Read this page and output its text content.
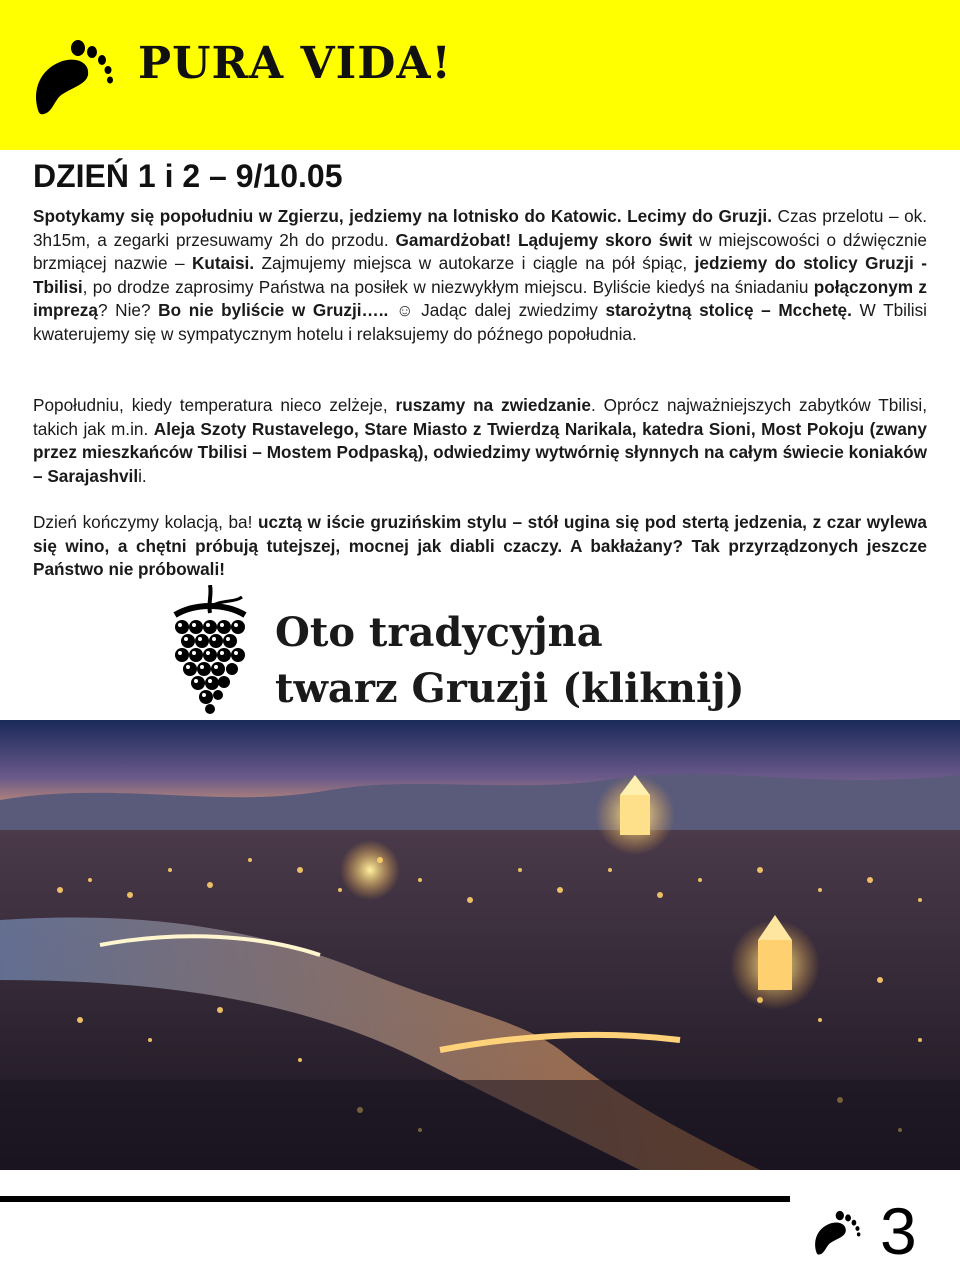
PURA VIDA!
DZIEŃ 1 i 2 – 9/10.05

Spotykamy się popołudniu w Zgierzu, jedziemy na lotnisko do Katowic. Lecimy do Gruzji. Czas przelotu – ok. 3h15m, a zegarki przesuwamy 2h do przodu. Gamardżobat! Lądujemy skoro świt w miejscowości o dźwięcznie brzmiącej nazwie – Kutaisi. Zajmujemy miejsca w autokarze i ciągle na pół śpiąc, jedziemy do stolicy Gruzji - Tbilisi, po drodze zaprosimy Państwa na posiłek w niezwykłym miejscu. Byliście kiedyś na śniadaniu połączonym z imprezą? Nie? Bo nie byliście w Gruzji….. ☺ Jadąc dalej zwiedzimy starożytną stolicę – Mcchetę. W Tbilisi kwaterujemy się w sympatycznym hotelu i relaksujemy do późnego popołudnia.

Popołudniu, kiedy temperatura nieco zelżeje, ruszamy na zwiedzanie. Oprócz najważniejszych zabytków Tbilisi, takich jak m.in. Aleja Szoty Rustavelego, Stare Miasto z Twierdzą Narikala, katedra Sioni, Most Pokoju (zwany przez mieszkańców Tbilisi – Mostem Podpaską), odwiedzimy wytwórnię słynnych na całym świecie koniaków – Sarajashvili.

Dzień kończymy kolacją, ba! ucztą w iście gruzińskim stylu – stół ugina się pod stertą jedzenia, z czar wylewa się wino, a chętni próbują tutejszej, mocnej jak diabli czaczy. A bakłażany? Tak przyrządzonych jeszcze Państwo nie próbowali!

Oto tradycyjna
twarz Gruzji (kliknij)
3
